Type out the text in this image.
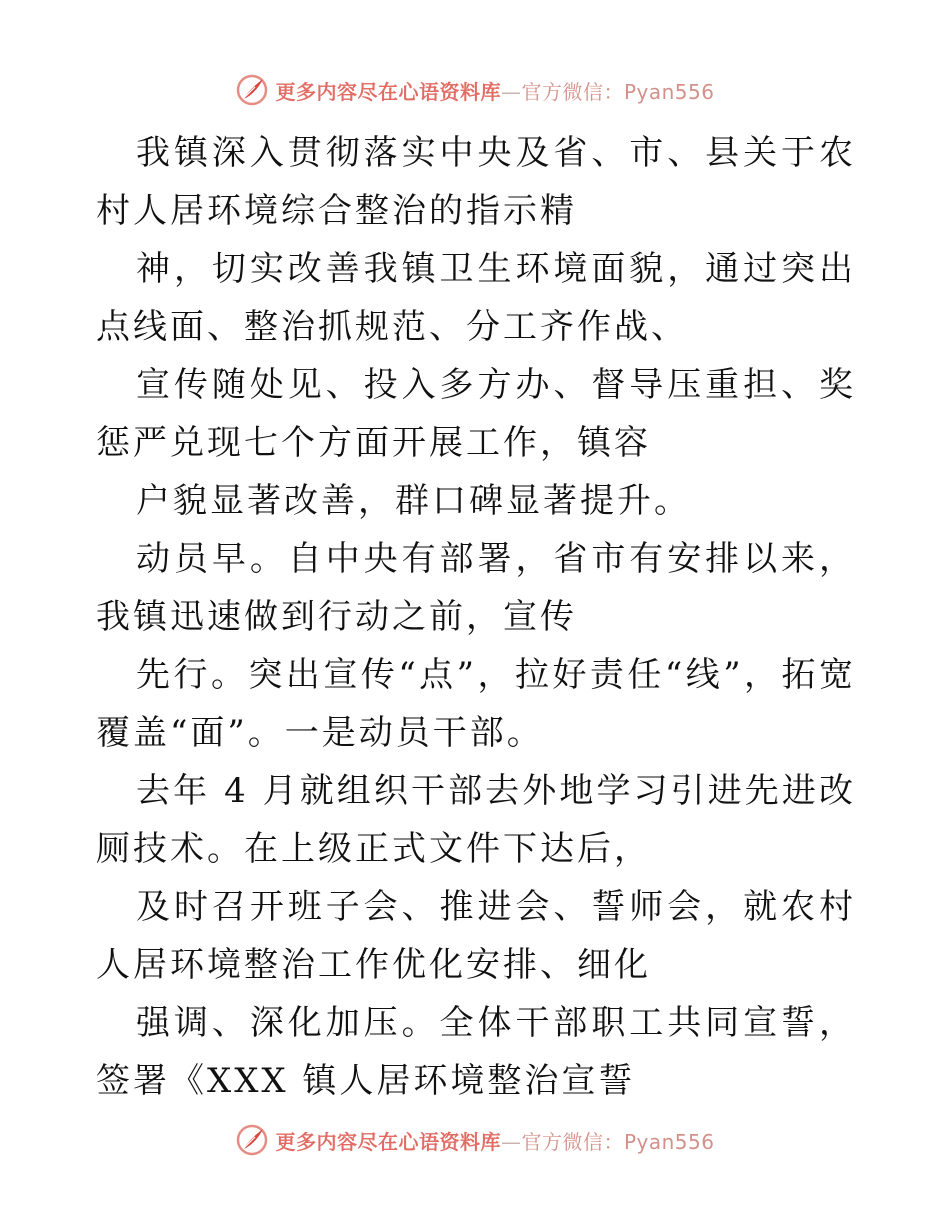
更多内容尽在心语资料库—官方微信：Pyan556

我镇深入贯彻落实中央及省、市、县关于农村人居环境综合整治的指示精

神，切实改善我镇卫生环境面貌，通过突出点线面、整治抓规范、分工齐作战、

宣传随处见、投入多方办、督导压重担、奖惩严兑现七个方面开展工作，镇容

户貌显著改善，群口碑显著提升。

动员早。自中央有部署，省市有安排以来，我镇迅速做到行动之前，宣传

先行。突出宣传“点”，拉好责任“线”，拓宽覆盖“面”。一是动员干部。

去年 4 月就组织干部去外地学习引进先进改厕技术。在上级正式文件下达后，

及时召开班子会、推进会、誓师会，就农村人居环境整治工作优化安排、细化

强调、深化加压。全体干部职工共同宣誓，签署《XXX 镇人居环境整治宣誓

更多内容尽在心语资料库—官方微信：Pyan556
